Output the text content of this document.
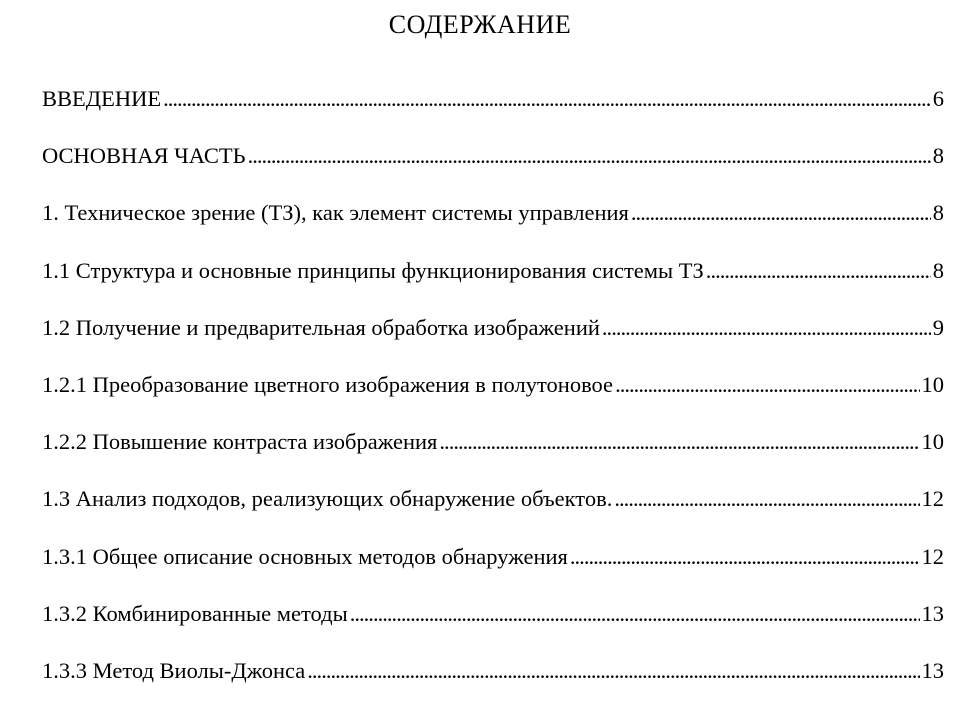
СОДЕРЖАНИЕ
ВВЕДЕНИЕ . . .	6
ОСНОВНАЯ ЧАСТЬ . . .	8
1. Техническое зрение (ТЗ), как элемент системы управления . . .	8
1.1 Структура и основные принципы функционирования системы ТЗ . . .	8
1.2 Получение и предварительная обработка изображений . . .	9
1.2.1 Преобразование цветного изображения в полутоновое . . .	10
1.2.2 Повышение контраста изображения . . .	10
1.3 Анализ подходов, реализующих обнаружение объектов. . . .	12
1.3.1 Общее описание основных методов обнаружения . . .	12
1.3.2 Комбинированные методы . . .	13
1.3.3 Метод Виолы-Джонса . . .	13
